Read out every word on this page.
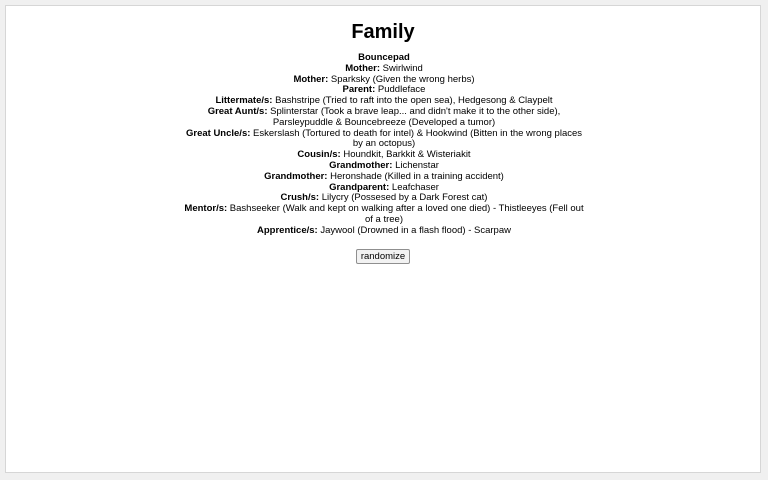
Family
Bouncepad
Mother: Swirlwind
Mother: Sparksky (Given the wrong herbs)
Parent: Puddleface
Littermate/s: Bashstripe (Tried to raft into the open sea), Hedgesong & Claypelt
Great Aunt/s: Splinterstar (Took a brave leap... and didn't make it to the other side), Parsleypuddle & Bouncebreeze (Developed a tumor)
Great Uncle/s: Eskerslash (Tortured to death for intel) & Hookwind (Bitten in the wrong places by an octopus)
Cousin/s: Houndkit, Barkkit & Wisteriakit
Grandmother: Lichenstar
Grandmother: Heronshade (Killed in a training accident)
Grandparent: Leafchaser
Crush/s: Lilycry (Possesed by a Dark Forest cat)
Mentor/s: Bashseeker (Walk and kept on walking after a loved one died) - Thistleeyes (Fell out of a tree)
Apprentice/s: Jaywool (Drowned in a flash flood) - Scarpaw
randomize
